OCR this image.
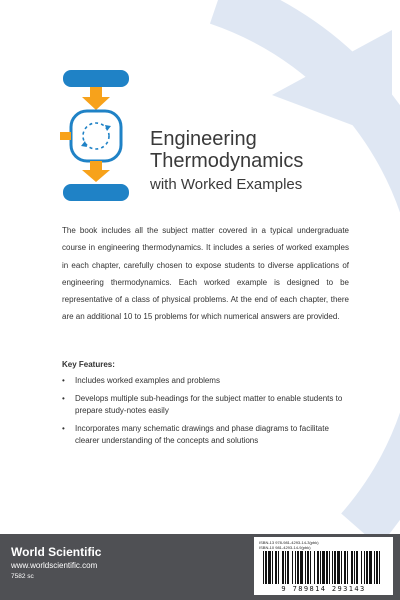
Engineering
Thermodynamics
with Worked Examples

The book includes all the subject matter covered in a typical undergraduate course in engineering thermodynamics. It includes a series of worked examples in each chapter, carefully chosen to expose students to diverse applications of engineering thermodynamics. Each worked example is designed to be representative of a class of physical problems. At the end of each chapter, there are an additional 10 to 15 problems for which numerical answers are provided.

Key Features:

• Includes worked examples and problems
• Develops multiple sub-headings for the subject matter to enable students to prepare study-notes easily
• Incorporates many schematic drawings and phase diagrams to facilitate clearer understanding of the concepts and solutions
World Scientific
www.worldscientific.com
7582 sc
ISBN-13 978-981-4293-14-3(pbk)
ISBN-10 981-4293-14-9(pbk)
9 789814 293143
